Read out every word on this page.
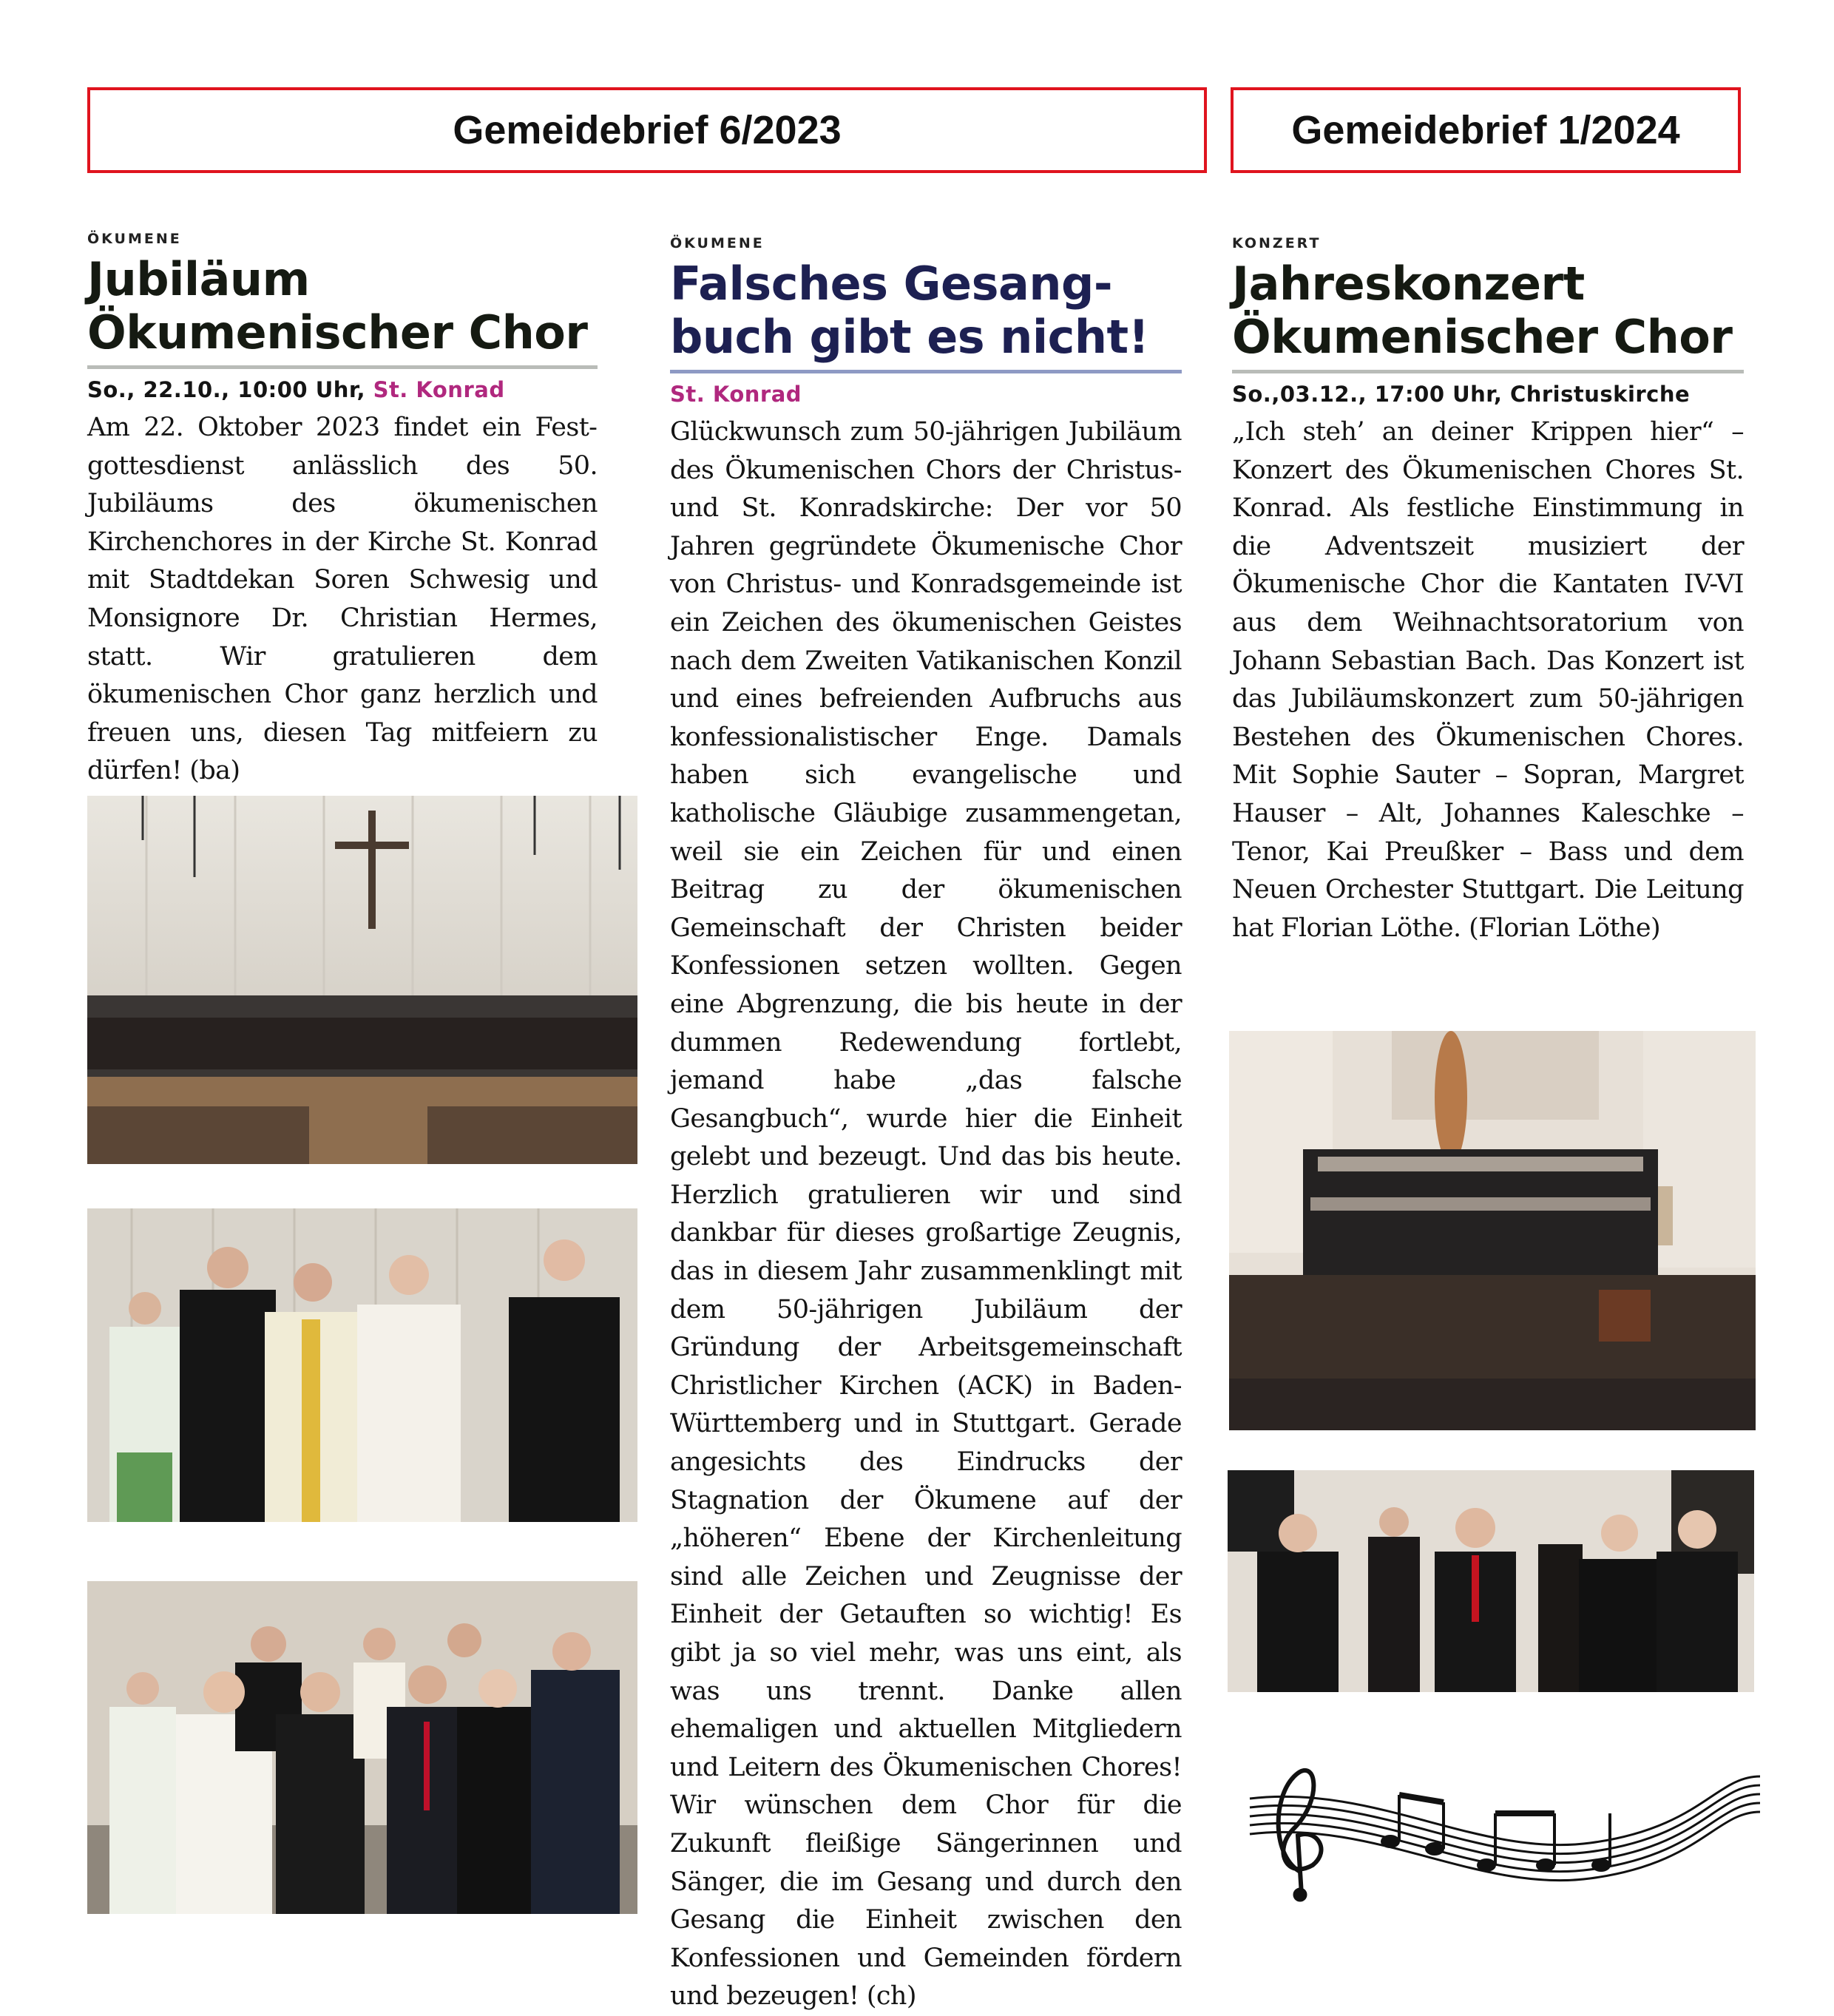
Gemeidebrief 6/2023	Gemeidebrief 1/2024
ÖKUMENE
Jubiläum
Ökumenischer Chor
So., 22.10., 10:00 Uhr, St. Konrad
Am 22. Oktober 2023 findet ein Festgottesdienst anlässlich des 50. Jubiläums des ökumenischen Kirchenchores in der Kirche St. Konrad mit Stadtdekan Soren Schwesig und Monsignore Dr. Christian Hermes, statt. Wir gratulieren dem ökumenischen Chor ganz herzlich und freuen uns, diesen Tag mitfeiern zu dürfen! (ba)
ÖKUMENE
Falsches Gesang-
buch gibt es nicht!
St. Konrad
Glückwunsch zum 50-jährigen Jubiläum des Ökumenischen Chors der Christus- und St. Konradskirche: Der vor 50 Jahren gegründete Ökumenische Chor von Christus- und Konradsgemeinde ist ein Zeichen des ökumenischen Geistes nach dem Zweiten Vatikanischen Konzil und eines befreienden Aufbruchs aus konfessionalistischer Enge. Damals haben sich evangelische und katholische Gläubige zusammengetan, weil sie ein Zeichen für und einen Beitrag zu der ökumenischen Gemeinschaft der Christen beider Konfessionen setzen wollten. Gegen eine Abgrenzung, die bis heute in der dummen Redewendung fortlebt, jemand habe „das falsche Gesangbuch“, wurde hier die Einheit gelebt und bezeugt. Und das bis heute. Herzlich gratulieren wir und sind dankbar für dieses großartige Zeugnis, das in diesem Jahr zusammenklingt mit dem 50-jährigen Jubiläum der Gründung der Arbeitsgemeinschaft Christlicher Kirchen (ACK) in Baden-Württemberg und in Stuttgart. Gerade angesichts des Eindrucks der Stagnation der Ökumene auf der „höheren“ Ebene der Kirchenleitung sind alle Zeichen und Zeugnisse der Einheit der Getauften so wichtig! Es gibt ja so viel mehr, was uns eint, als was uns trennt. Danke allen ehemaligen und aktuellen Mitgliedern und Leitern des Ökumenischen Chores! Wir wünschen dem Chor für die Zukunft fleißige Sängerinnen und Sänger, die im Gesang und durch den Gesang die Einheit zwischen den Konfessionen und Gemeinden fördern und bezeugen! (ch)
KONZERT
Jahreskonzert
Ökumenischer Chor
So.,03.12., 17:00 Uhr, Christuskirche
„Ich steh’ an deiner Krippen hier“ – Konzert des Ökumenischen Chores St. Konrad. Als festliche Einstimmung in die Adventszeit musiziert der Ökumenische Chor die Kantaten IV-VI aus dem Weihnachtsoratorium von Johann Sebastian Bach. Das Konzert ist das Jubiläumskonzert zum 50-jährigen Bestehen des Ökumenischen Chores. Mit Sophie Sauter – Sopran, Margret Hauser – Alt, Johannes Kaleschke – Tenor, Kai Preußker – Bass und dem Neuen Orchester Stuttgart. Die Leitung hat Florian Löthe. (Florian Löthe)
